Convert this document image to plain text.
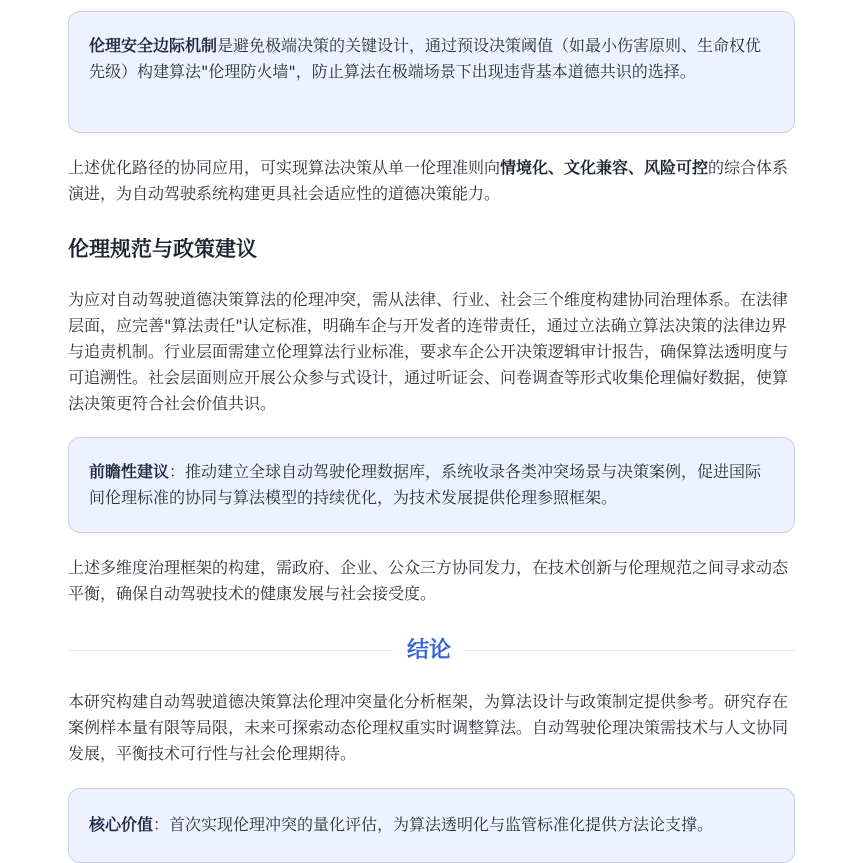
伦理安全边际机制是避免极端决策的关键设计，通过预设决策阈值（如最小伤害原则、生命权优先级）构建算法"伦理防火墙"，防止算法在极端场景下出现违背基本道德共识的选择。

上述优化路径的协同应用，可实现算法决策从单一伦理准则向情境化、文化兼容、风险可控的综合体系演进，为自动驾驶系统构建更具社会适应性的道德决策能力。

伦理规范与政策建议

为应对自动驾驶道德决策算法的伦理冲突，需从法律、行业、社会三个维度构建协同治理体系。在法律层面，应完善"算法责任"认定标准，明确车企与开发者的连带责任，通过立法确立算法决策的法律边界与追责机制。行业层面需建立伦理算法行业标准，要求车企公开决策逻辑审计报告，确保算法透明度与可追溯性。社会层面则应开展公众参与式设计，通过听证会、问卷调查等形式收集伦理偏好数据，使算法决策更符合社会价值共识。

前瞻性建议：推动建立全球自动驾驶伦理数据库，系统收录各类冲突场景与决策案例，促进国际间伦理标准的协同与算法模型的持续优化，为技术发展提供伦理参照框架。

上述多维度治理框架的构建，需政府、企业、公众三方协同发力，在技术创新与伦理规范之间寻求动态平衡，确保自动驾驶技术的健康发展与社会接受度。

结论

本研究构建自动驾驶道德决策算法伦理冲突量化分析框架，为算法设计与政策制定提供参考。研究存在案例样本量有限等局限，未来可探索动态伦理权重实时调整算法。自动驾驶伦理决策需技术与人文协同发展，平衡技术可行性与社会伦理期待。

核心价值：首次实现伦理冲突的量化评估，为算法透明化与监管标准化提供方法论支撑。
